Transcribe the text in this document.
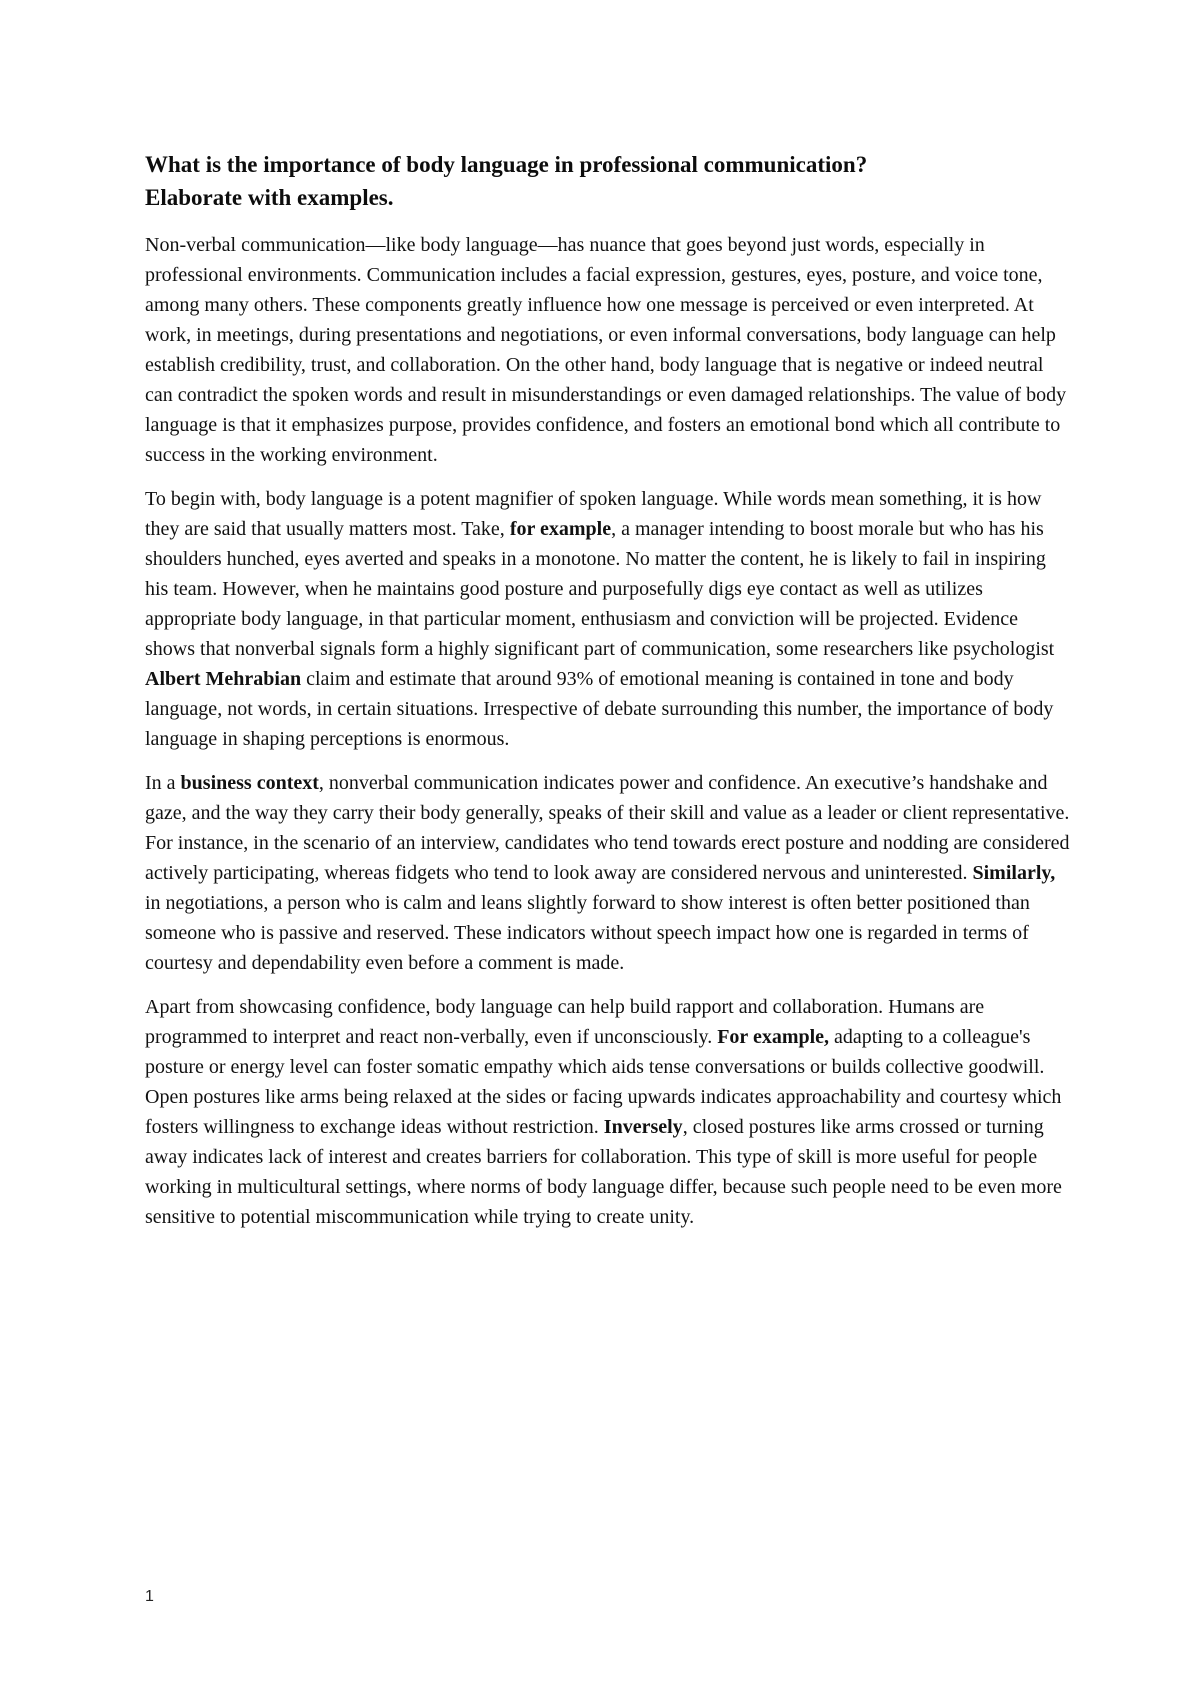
What is the importance of body language in professional communication?
Elaborate with examples.

Non-verbal communication—like body language—has nuance that goes beyond just words, especially in professional environments. Communication includes a facial expression, gestures, eyes, posture, and voice tone, among many others. These components greatly influence how one message is perceived or even interpreted. At work, in meetings, during presentations and negotiations, or even informal conversations, body language can help establish credibility, trust, and collaboration. On the other hand, body language that is negative or indeed neutral can contradict the spoken words and result in misunderstandings or even damaged relationships. The value of body language is that it emphasizes purpose, provides confidence, and fosters an emotional bond which all contribute to success in the working environment.

To begin with, body language is a potent magnifier of spoken language. While words mean something, it is how they are said that usually matters most. Take, for example, a manager intending to boost morale but who has his shoulders hunched, eyes averted and speaks in a monotone. No matter the content, he is likely to fail in inspiring his team. However, when he maintains good posture and purposefully digs eye contact as well as utilizes appropriate body language, in that particular moment, enthusiasm and conviction will be projected. Evidence shows that nonverbal signals form a highly significant part of communication, some researchers like psychologist Albert Mehrabian claim and estimate that around 93% of emotional meaning is contained in tone and body language, not words, in certain situations. Irrespective of debate surrounding this number, the importance of body language in shaping perceptions is enormous.

In a business context, nonverbal communication indicates power and confidence. An executive’s handshake and gaze, and the way they carry their body generally, speaks of their skill and value as a leader or client representative. For instance, in the scenario of an interview, candidates who tend towards erect posture and nodding are considered actively participating, whereas fidgets who tend to look away are considered nervous and uninterested. Similarly, in negotiations, a person who is calm and leans slightly forward to show interest is often better positioned than someone who is passive and reserved. These indicators without speech impact how one is regarded in terms of courtesy and dependability even before a comment is made.

Apart from showcasing confidence, body language can help build rapport and collaboration. Humans are programmed to interpret and react non-verbally, even if unconsciously. For example, adapting to a colleague's posture or energy level can foster somatic empathy which aids tense conversations or builds collective goodwill. Open postures like arms being relaxed at the sides or facing upwards indicates approachability and courtesy which fosters willingness to exchange ideas without restriction. Inversely, closed postures like arms crossed or turning away indicates lack of interest and creates barriers for collaboration. This type of skill is more useful for people working in multicultural settings, where norms of body language differ, because such people need to be even more sensitive to potential miscommunication while trying to create unity.

1
